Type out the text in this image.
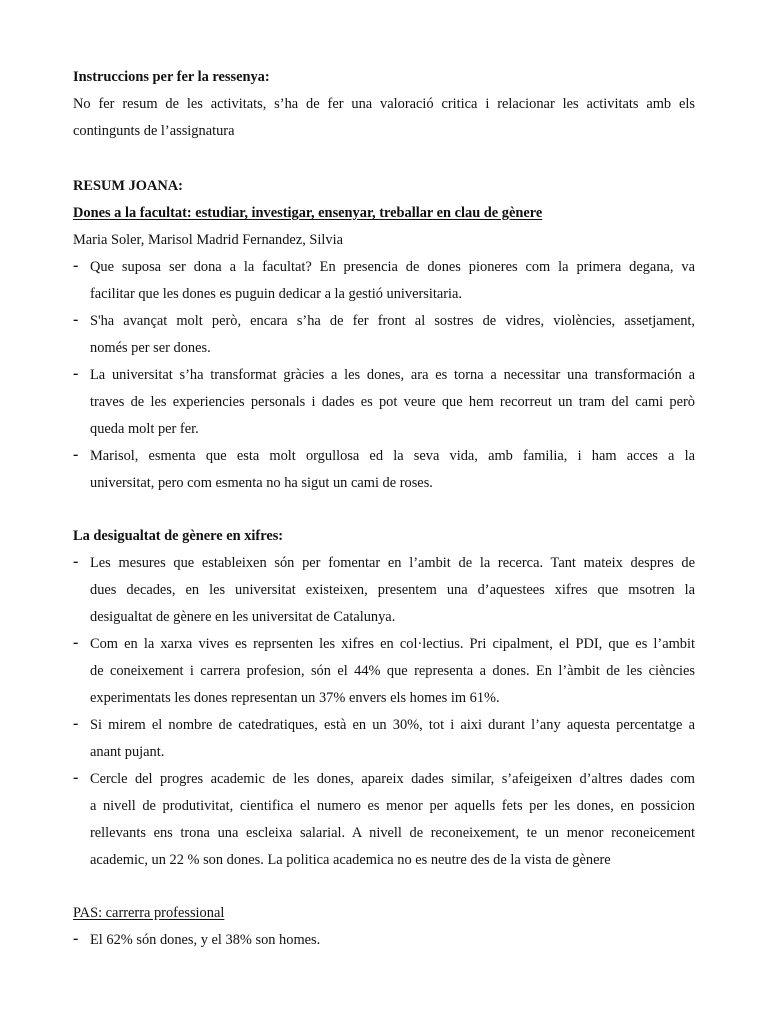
Instruccions per fer la ressenya:
No fer resum de les activitats, s’ha de fer una valoració critica i relacionar les activitats amb els
contingunts de l’assignatura
RESUM JOANA:
Dones a la facultat: estudiar, investigar, ensenyar, treballar en clau de gènere
Maria Soler, Marisol Madrid Fernandez, Silvia
- Que suposa ser dona a la facultat? En presencia de dones pioneres com la primera degana, va
facilitar que les dones es puguin dedicar a la gestió universitaria.
- S'ha avançat molt però, encara s’ha de fer front al sostres de vidres, violències, assetjament,
només per ser dones.
- La universitat s’ha transformat gràcies a les dones, ara es torna a necessitar una transformación a
traves de les experiencies personals i dades es pot veure que hem recorreut un tram del cami però
queda molt per fer.
- Marisol, esmenta que esta molt orgullosa ed la seva vida, amb familia, i ham acces a la
universitat, pero com esmenta no ha sigut un cami de roses.
La desigualtat de gènere en xifres:
- Les mesures que estableixen són per fomentar en l’ambit de la recerca. Tant mateix despres de
dues decades, en les universitat existeixen, presentem una d’aquestees xifres que msotren la
desigualtat de gènere en les universitat de Catalunya.
- Com en la xarxa vives es reprsenten les xifres en col·lectius. Pri cipalment, el PDI, que es l’ambit
de coneixement i carrera profesion, són el 44% que representa a dones. En l’àmbit de les ciències
experimentats les dones representan un 37% envers els homes im 61%.
- Si mirem el nombre de catedratiques, està en un 30%, tot i aixi durant l’any aquesta percentatge a
anant pujant.
- Cercle del progres academic de les dones, apareix dades similar, s’afeigeixen d’altres dades com
a nivell de produtivitat, cientifica el numero es menor per aquells fets per les dones, en possicion
rellevants ens trona una escleixa salarial. A nivell de reconeixement, te un menor reconeicement
academic, un 22 % son dones. La politica academica no es neutre des de la vista de gènere
PAS: carrerra professional
- El 62% són dones, y el 38% son homes.
